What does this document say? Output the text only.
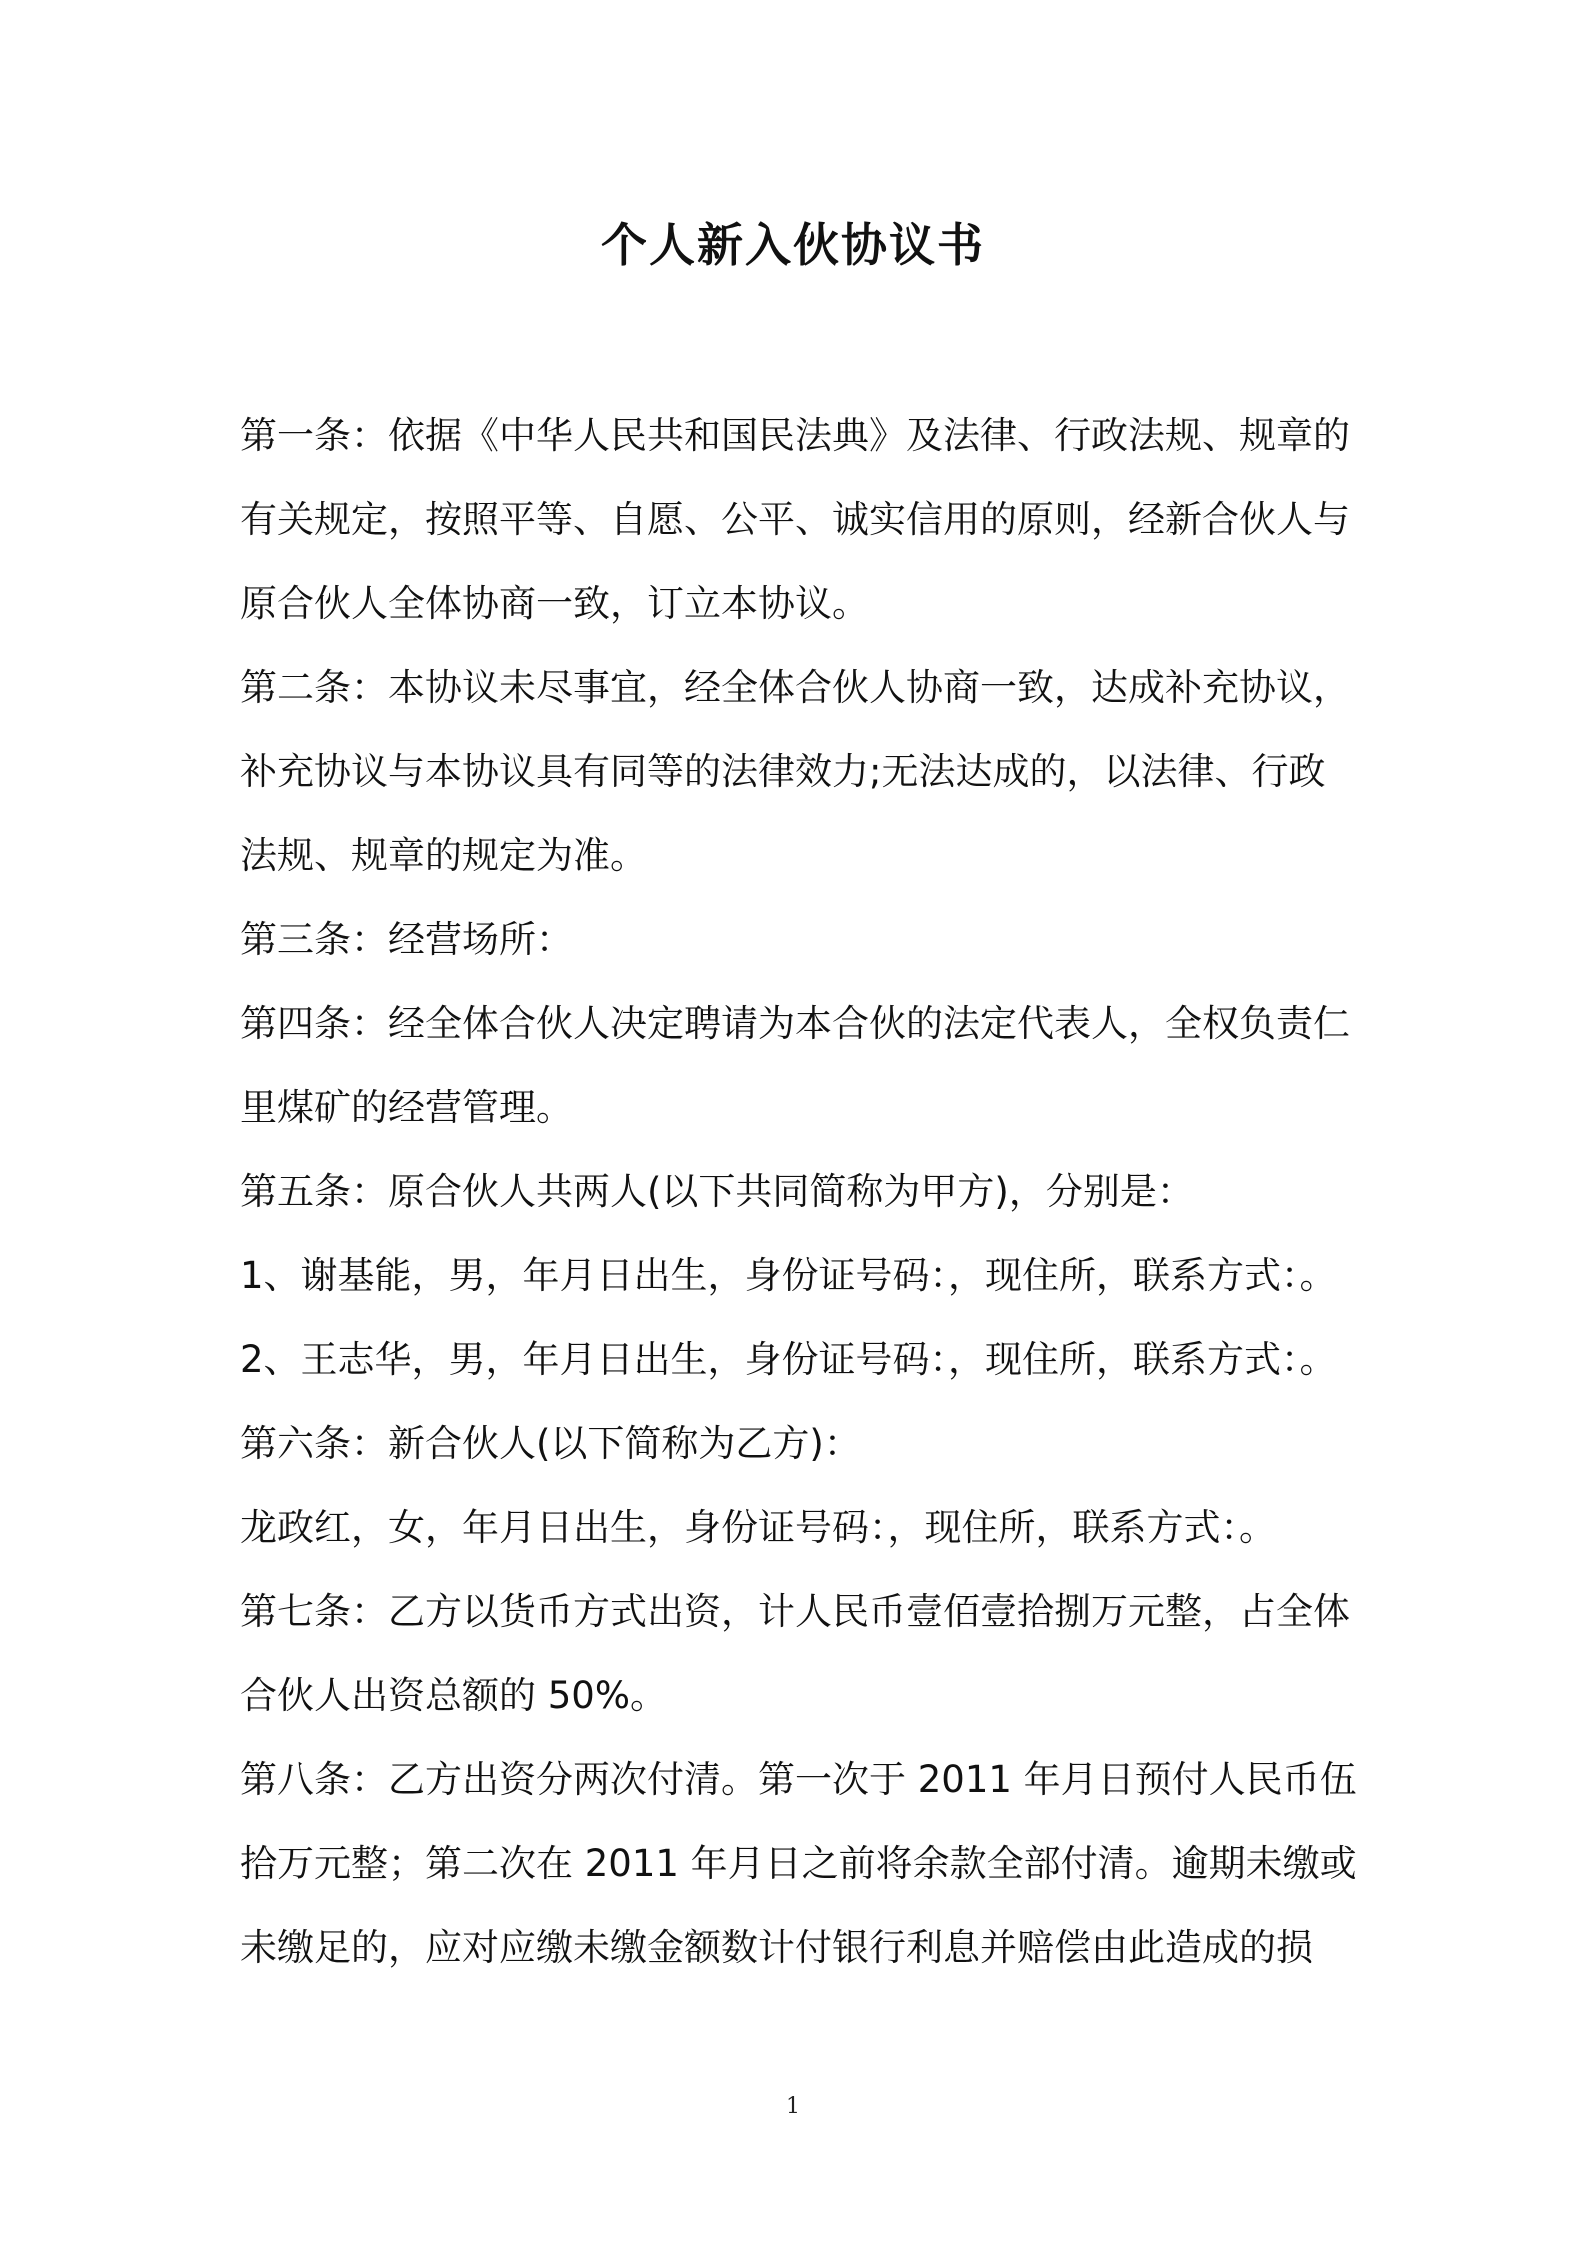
个人新入伙协议书
第一条：依据《中华人民共和国民法典》及法律、行政法规、规章的
有关规定，按照平等、自愿、公平、诚实信用的原则，经新合伙人与
原合伙人全体协商一致，订立本协议。
第二条：本协议未尽事宜，经全体合伙人协商一致，达成补充协议，
补充协议与本协议具有同等的法律效力;无法达成的，以法律、行政
法规、规章的规定为准。
第三条：经营场所：
第四条：经全体合伙人决定聘请为本合伙的法定代表人，全权负责仁
里煤矿的经营管理。
第五条：原合伙人共两人(以下共同简称为甲方)，分别是：
1、谢基能，男，年月日出生，身份证号码：，现住所，联系方式：。
2、王志华，男，年月日出生，身份证号码：，现住所，联系方式：。
第六条：新合伙人(以下简称为乙方)：
龙政红，女，年月日出生，身份证号码：，现住所，联系方式：。
第七条：乙方以货币方式出资，计人民币壹佰壹拾捌万元整，占全体
合伙人出资总额的 50%。
第八条：乙方出资分两次付清。第一次于 2011 年月日预付人民币伍
拾万元整；第二次在 2011 年月日之前将余款全部付清。逾期未缴或
未缴足的，应对应缴未缴金额数计付银行利息并赔偿由此造成的损
1
